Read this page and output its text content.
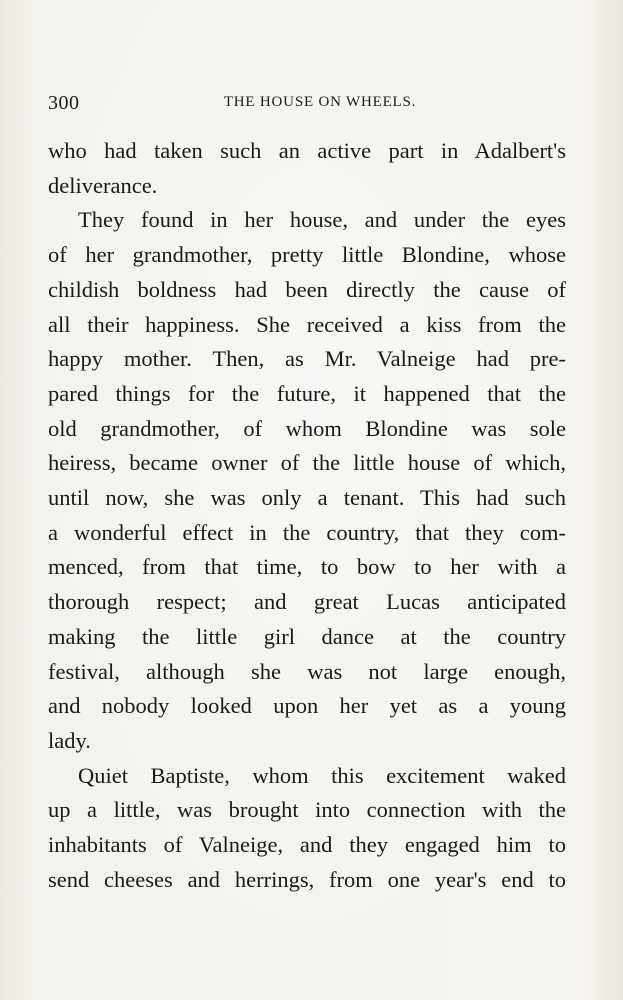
300	THE HOUSE ON WHEELS.

who had taken such an active part in Adalbert's
deliverance.

They found in her house, and under the eyes
of her grandmother, pretty little Blondine, whose
childish boldness had been directly the cause of
all their happiness. She received a kiss from the
happy mother. Then, as Mr. Valneige had pre-
pared things for the future, it happened that the
old grandmother, of whom Blondine was sole
heiress, became owner of the little house of which,
until now, she was only a tenant. This had such
a wonderful effect in the country, that they com-
menced, from that time, to bow to her with a
thorough respect; and great Lucas anticipated
making the little girl dance at the country
festival, although she was not large enough,
and nobody looked upon her yet as a young
lady.

Quiet Baptiste, whom this excitement waked
up a little, was brought into connection with the
inhabitants of Valneige, and they engaged him to
send cheeses and herrings, from one year's end to
